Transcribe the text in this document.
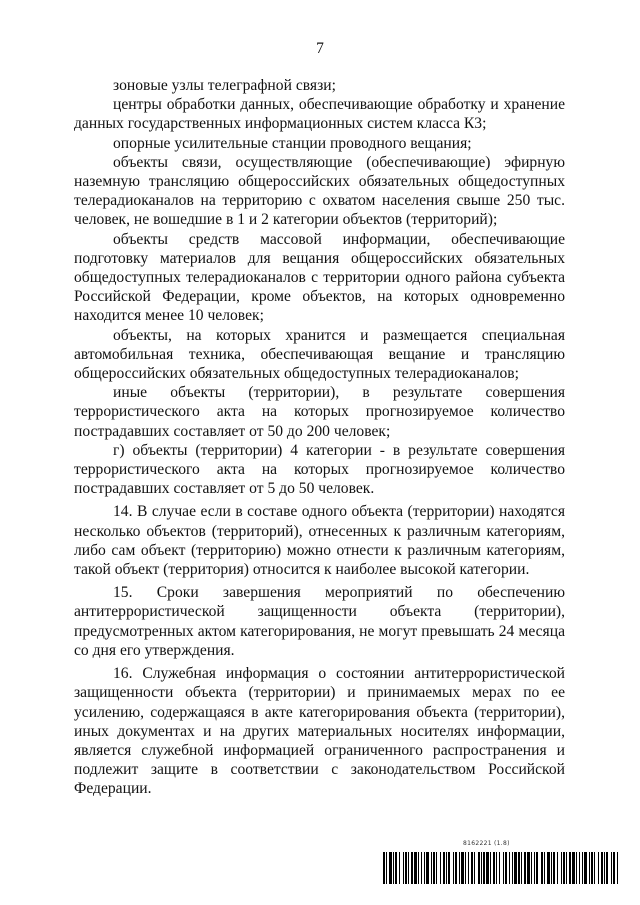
7

зоновые узлы телеграфной связи;

центры обработки данных, обеспечивающие обработку и хранение данных государственных информационных систем класса К3;

опорные усилительные станции проводного вещания;

объекты связи, осуществляющие (обеспечивающие) эфирную наземную трансляцию общероссийских обязательных общедоступных телерадиоканалов на территорию с охватом населения свыше 250 тыс. человек, не вошедшие в 1 и 2 категории объектов (территорий);

объекты средств массовой информации, обеспечивающие подготовку материалов для вещания общероссийских обязательных общедоступных телерадиоканалов с территории одного района субъекта Российской Федерации, кроме объектов, на которых одновременно находится менее 10 человек;

объекты, на которых хранится и размещается специальная автомобильная техника, обеспечивающая вещание и трансляцию общероссийских обязательных общедоступных телерадиоканалов;

иные объекты (территории), в результате совершения террористического акта на которых прогнозируемое количество пострадавших составляет от 50 до 200 человек;

г) объекты (территории) 4 категории - в результате совершения террористического акта на которых прогнозируемое количество пострадавших составляет от 5 до 50 человек.

14. В случае если в составе одного объекта (территории) находятся несколько объектов (территорий), отнесенных к различным категориям, либо сам объект (территорию) можно отнести к различным категориям, такой объект (территория) относится к наиболее высокой категории.

15. Сроки завершения мероприятий по обеспечению антитеррористической защищенности объекта (территории), предусмотренных актом категорирования, не могут превышать 24 месяца со дня его утверждения.

16. Служебная информация о состоянии антитеррористической защищенности объекта (территории) и принимаемых мерах по ее усилению, содержащаяся в акте категорирования объекта (территории), иных документах и на других материальных носителях информации, является служебной информацией ограниченного распространения и подлежит защите в соответствии с законодательством Российской Федерации.

8162221 (1.8)
